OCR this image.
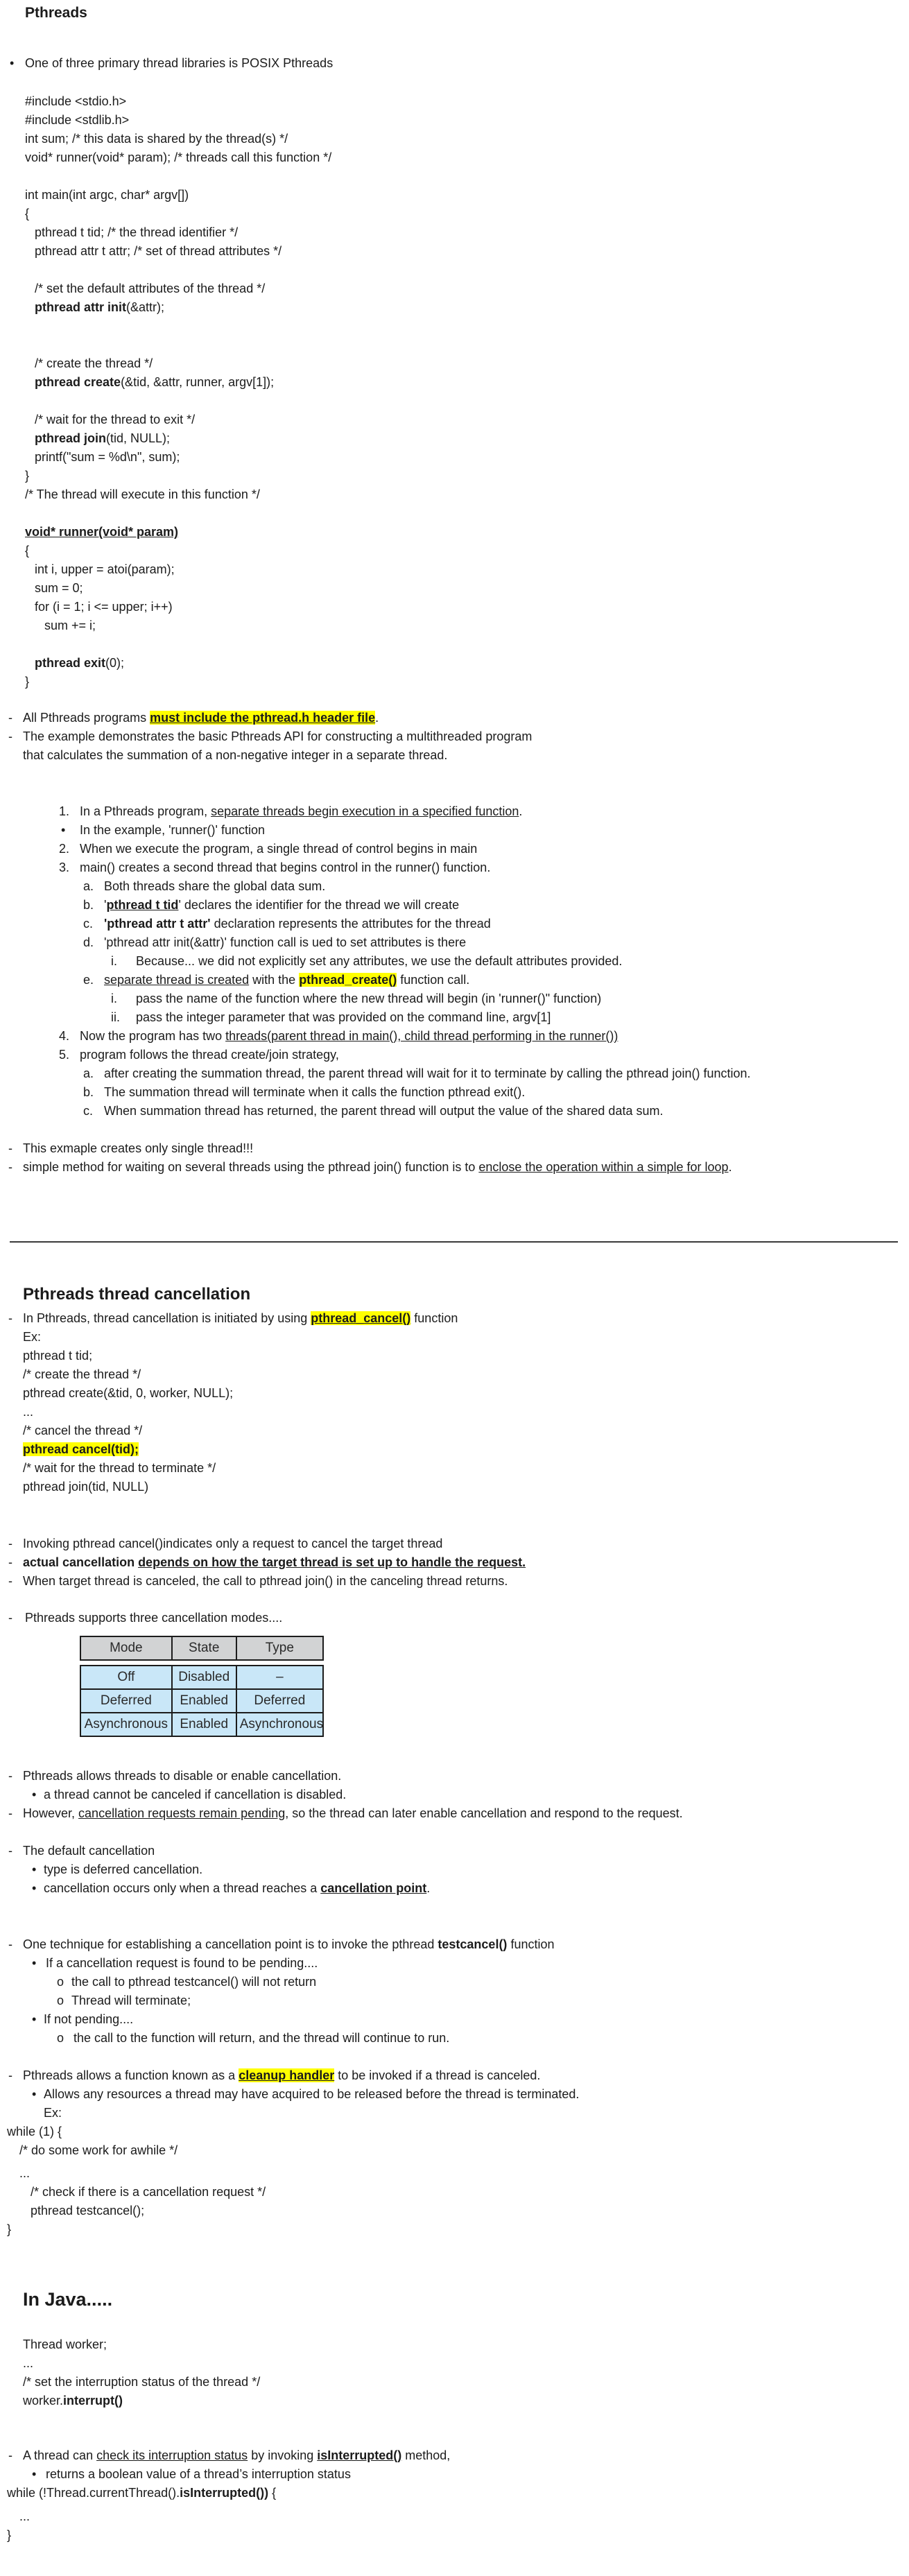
Pthreads
• One of three primary thread libraries is POSIX Pthreads
#include <stdio.h>
#include <stdlib.h>
int sum; /* this data is shared by the thread(s) */
void* runner(void* param); /* threads call this function */
int main(int argc, char* argv[])
{
pthread t tid; /* the thread identifier */
pthread attr t attr; /* set of thread attributes */
/* set the default attributes of the thread */
pthread attr init(&attr);
/* create the thread */
pthread create(&tid, &attr, runner, argv[1]);
/* wait for the thread to exit */
pthread join(tid, NULL);
printf("sum = %d\n", sum);
}
/* The thread will execute in this function */
void* runner(void* param)
{
int i, upper = atoi(param);
sum = 0;
for (i = 1; i <= upper; i++)
sum += i;
pthread exit(0);
}
- All Pthreads programs must include the pthread.h header file.
- The example demonstrates the basic Pthreads API for constructing a multithreaded program
that calculates the summation of a non-negative integer in a separate thread.
1. In a Pthreads program, separate threads begin execution in a specified function.
• In the example, 'runner()' function
2. When we execute the program, a single thread of control begins in main
3. main() creates a second thread that begins control in the runner() function.
a. Both threads share the global data sum.
b. 'pthread t tid' declares the identifier for the thread we will create
c. 'pthread attr t attr' declaration represents the attributes for the thread
d. 'pthread attr init(&attr)' function call is ued to set attributes is there
i. Because... we did not explicitly set any attributes, we use the default attributes provided.
e. separate thread is created with the pthread_create() function call.
i. pass the name of the function where the new thread will begin (in 'runner()" function)
ii. pass the integer parameter that was provided on the command line, argv[1]
4. Now the program has two threads(parent thread in main(), child thread performing in the runner())
5. program follows the thread create/join strategy,
a. after creating the summation thread, the parent thread will wait for it to terminate by calling the pthread join() function.
b. The summation thread will terminate when it calls the function pthread exit().
c. When summation thread has returned, the parent thread will output the value of the shared data sum.
- This exmaple creates only single thread!!!
- simple method for waiting on several threads using the pthread join() function is to enclose the operation within a simple for loop.
Pthreads thread cancellation
- In Pthreads, thread cancellation is initiated by using pthread_cancel() function
Ex:
pthread t tid;
/* create the thread */
pthread create(&tid, 0, worker, NULL);
...
/* cancel the thread */
pthread cancel(tid);
/* wait for the thread to terminate */
pthread join(tid, NULL)
- Invoking pthread cancel()indicates only a request to cancel the target thread
- actual cancellation depends on how the target thread is set up to handle the request.
- When target thread is canceled, the call to pthread join() in the canceling thread returns.
- Pthreads supports three cancellation modes....
Mode	State	Type
Off	Disabled	–
Deferred	Enabled	Deferred
Asynchronous	Enabled	Asynchronous
- Pthreads allows threads to disable or enable cancellation.
• a thread cannot be canceled if cancellation is disabled.
- However, cancellation requests remain pending, so the thread can later enable cancellation and respond to the request.
- The default cancellation
• type is deferred cancellation.
• cancellation occurs only when a thread reaches a cancellation point.
- One technique for establishing a cancellation point is to invoke the pthread testcancel() function
• If a cancellation request is found to be pending....
o the call to pthread testcancel() will not return
o Thread will terminate;
• If not pending....
o the call to the function will return, and the thread will continue to run.
- Pthreads allows a function known as a cleanup handler to be invoked if a thread is canceled.
• Allows any resources a thread may have acquired to be released before the thread is terminated.
Ex:
while (1) {
/* do some work for awhile */
...
/* check if there is a cancellation request */
pthread testcancel();
}
In Java.....
Thread worker;
...
/* set the interruption status of the thread */
worker.interrupt()
- A thread can check its interruption status by invoking isInterrupted() method,
• returns a boolean value of a thread’s interruption status
while (!Thread.currentThread().isInterrupted()) {
...
}
